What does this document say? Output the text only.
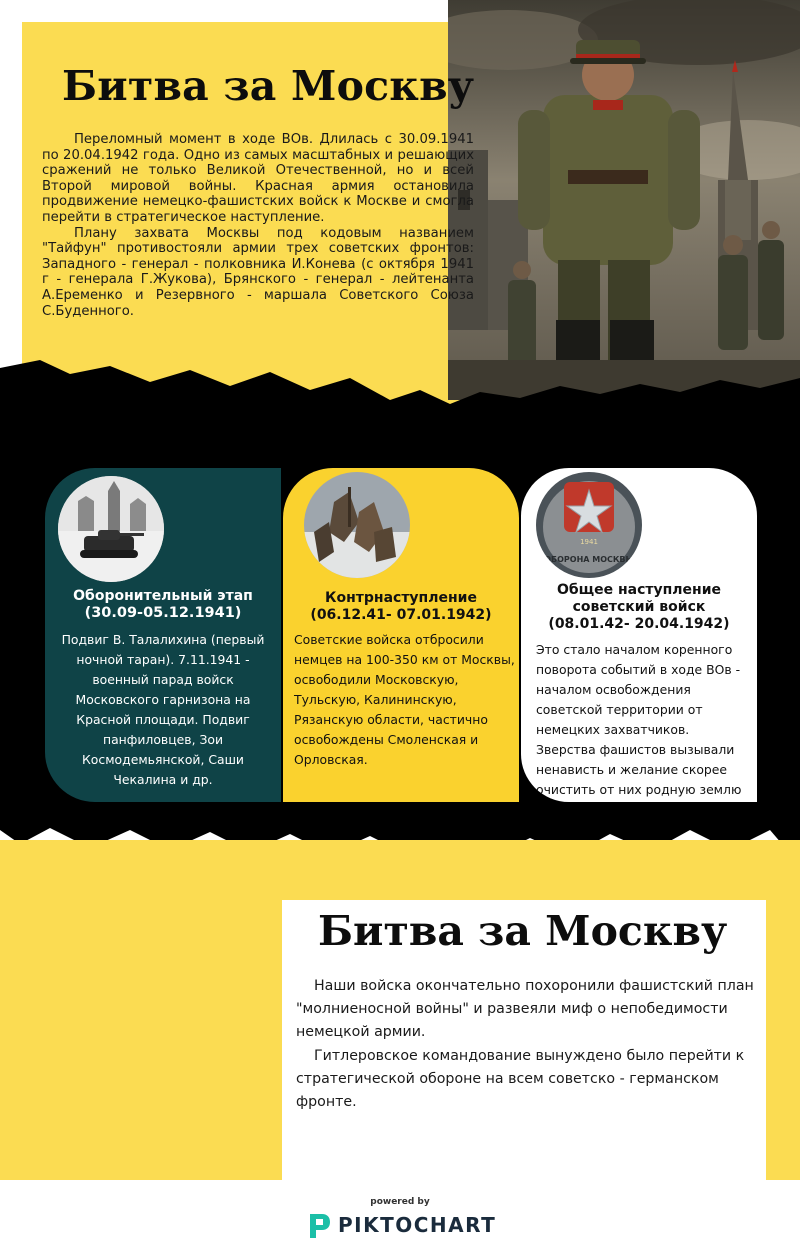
Битва за Москву

Переломный момент в ходе ВОв. Длилась с 30.09.1941 по 20.04.1942 года. Одно из самых масштабных и решающих сражений не только Великой Отечественной, но и всей Второй мировой войны. Красная армия остановила продвижение немецко-фашистских войск к Москве и смогла перейти в стратегическое наступление.

Плану захвата Москвы под кодовым названием "Тайфун" противостояли армии трех советских фронтов: Западного - генерал - полковника И.Конева (с октября 1941 г - генерала Г.Жукова), Брянского - генерал - лейтенанта А.Еременко и Резервного - маршала Советского Союза С.Буденного.

Оборонительный этап
(30.09-05.12.1941)
Подвиг В. Талалихина (первый ночной таран). 7.11.1941 - военный парад войск Московского гарнизона на Красной площади. Подвиг панфиловцев, Зои Космодемьянской, Саши Чекалина и др.
Контрнаступление
(06.12.41- 07.01.1942)
Советские войска отбросили немцев на 100-350 км от Москвы, освободили Московскую, Тульскую, Калининскую, Рязанскую области, частично освобождены Смоленская и Орловская.
1941
ОБОРОНА МОСКВЫ
Общее наступление
советский войск
(08.01.42- 20.04.1942)
Это стало началом коренного поворота событий в ходе ВОв - началом освобождения советской территории от немецких захватчиков. Зверства фашистов вызывали ненависть и желание скорее очистить от них родную землю
Битва за Москву

Наши войска окончательно похоронили фашистский план "молниеносной войны" и развеяли миф о непобедимости немецкой армии.

Гитлеровское командование вынуждено было перейти к стратегической обороне на всем советско - германском фронте.

powered by
PIKTOCHART
